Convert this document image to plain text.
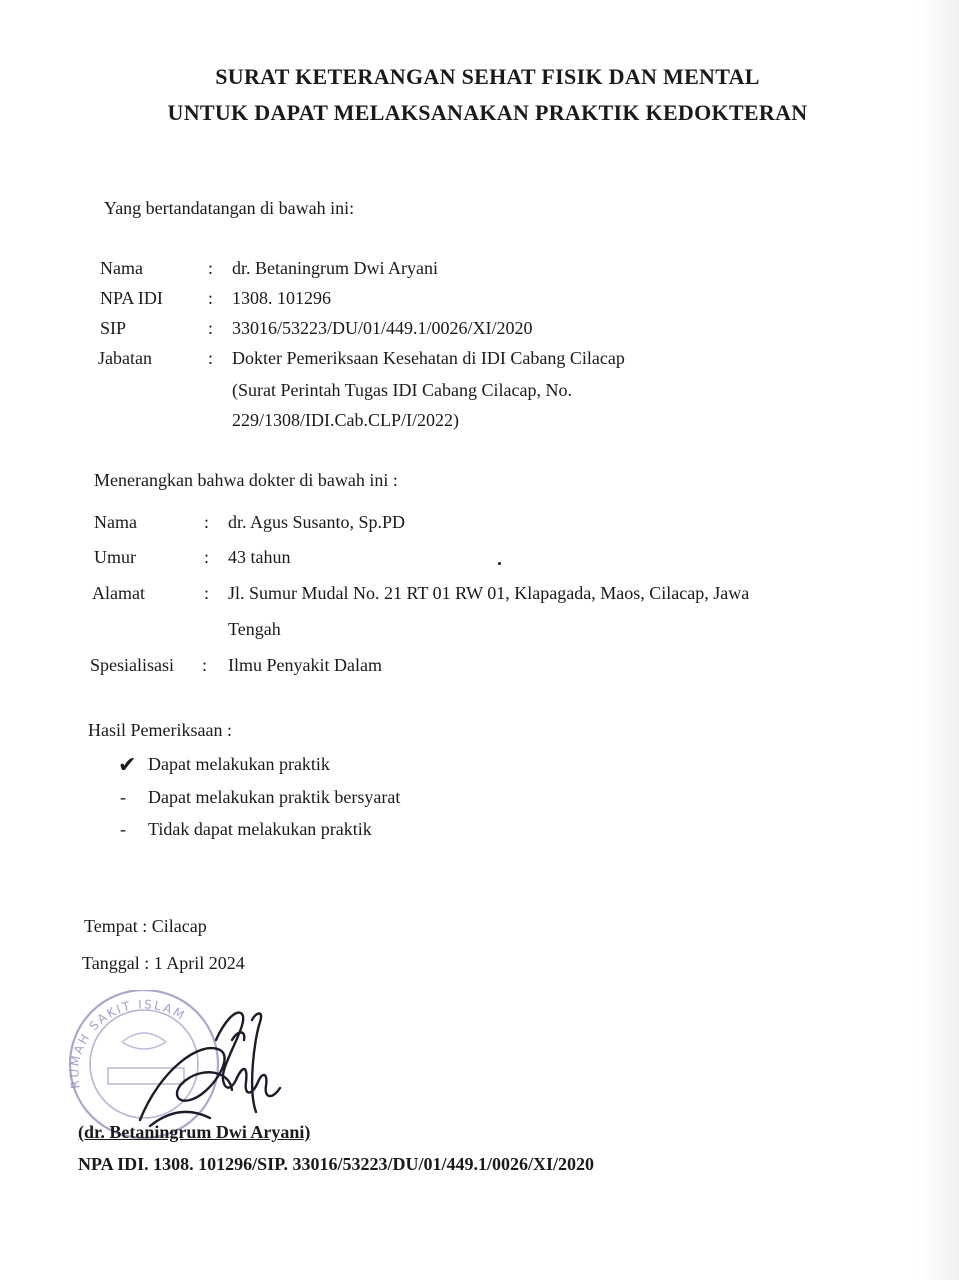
SURAT KETERANGAN SEHAT FISIK DAN MENTAL
UNTUK DAPAT MELAKSANAKAN PRAKTIK KEDOKTERAN
Yang bertandatangan di bawah ini:
Nama	: dr. Betaningrum Dwi Aryani
NPA IDI	: 1308. 101296
SIP	: 33016/53223/DU/01/449.1/0026/XI/2020
Jabatan	: Dokter Pemeriksaan Kesehatan di IDI Cabang Cilacap
(Surat Perintah Tugas IDI Cabang Cilacap, No.
229/1308/IDI.Cab.CLP/I/2022)
Menerangkan bahwa dokter di bawah ini :
Nama	: dr. Agus Susanto, Sp.PD
Umur	: 43 tahun
Alamat	: Jl. Sumur Mudal No. 21 RT 01 RW 01, Klapagada, Maos, Cilacap, Jawa
Tengah
Spesialisasi : Ilmu Penyakit Dalam
Hasil Pemeriksaan :
✔ Dapat melakukan praktik
- Dapat melakukan praktik bersyarat
- Tidak dapat melakukan praktik
Tempat : Cilacap
Tanggal : 1 April 2024
RUMAH SAKIT ISLAM
(dr. Betaningrum Dwi Aryani)
NPA IDI. 1308. 101296/SIP. 33016/53223/DU/01/449.1/0026/XI/2020
